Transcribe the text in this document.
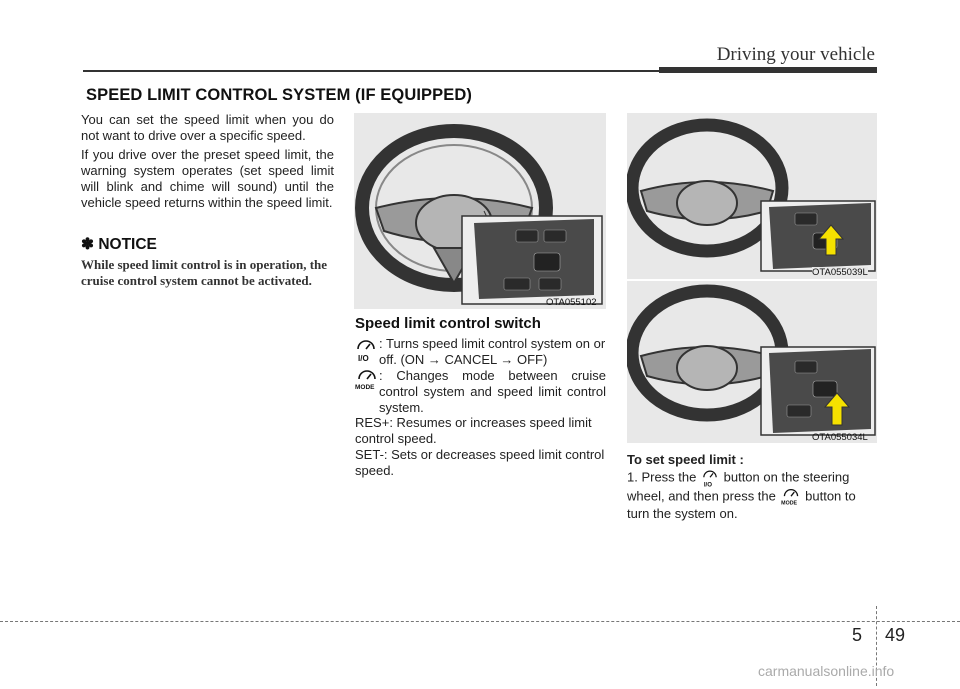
Driving your vehicle
SPEED LIMIT CONTROL SYSTEM (IF EQUIPPED)
You can set the speed limit when you do not want to drive over a specific speed.
If you drive over the preset speed limit, the warning system operates (set speed limit will blink and chime will sound) until the vehicle speed returns within the speed limit.
✽ NOTICE
While speed limit control is in operation, the cruise control system cannot be activated.
OTA055102
OTA055039L
OTA055034L
Speed limit control switch
I/O
: Turns speed limit control system on or off. (ON → CANCEL → OFF)
MODE
: Changes mode between cruise control system and speed limit control system.
RES+: Resumes or increases speed limit control speed.
SET-: Sets or decreases speed limit control speed.
To set speed limit :
1. Press the
I/O
button on the steering wheel, and then press the MODE button to turn the system on.
5 49
carmanualsonline.info
